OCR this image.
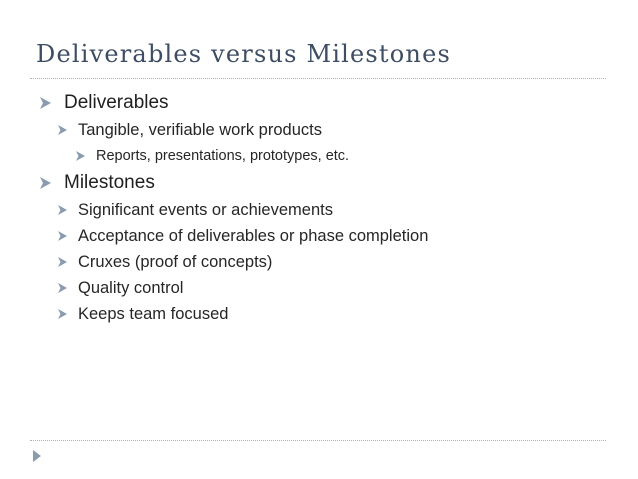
Deliverables versus Milestones
Deliverables
Tangible, verifiable work products
Reports, presentations, prototypes, etc.
Milestones
Significant events or achievements
Acceptance of deliverables or phase completion
Cruxes (proof of concepts)
Quality control
Keeps team focused
